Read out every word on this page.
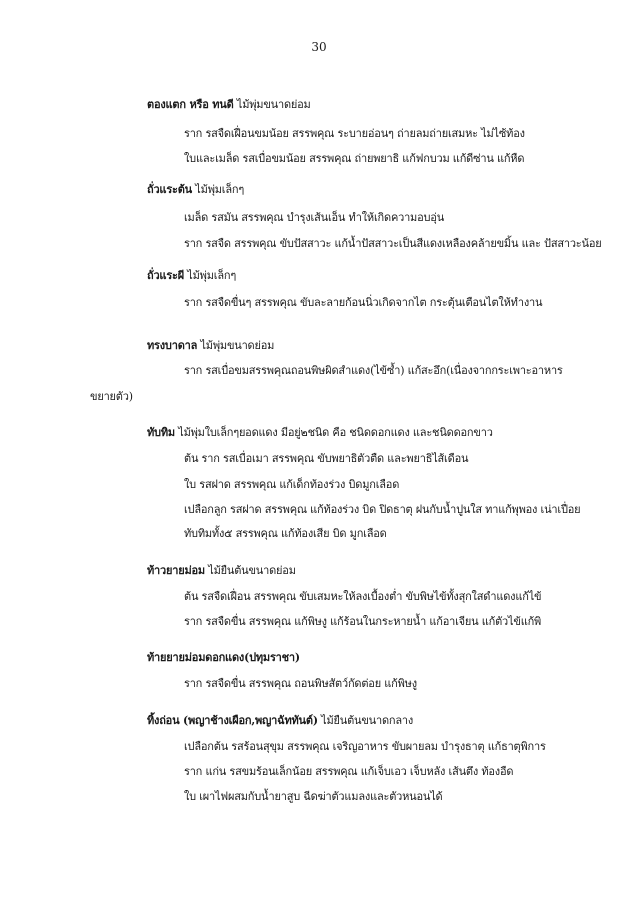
30
ตองแตก หรือ ทนดี ไม้พุ่มขนาดย่อม
ราก รสจืดเฝื่อนขมน้อย สรรพคุณ ระบายอ่อนๆ ถ่ายลมถ่ายเสมหะ ไม่ไซ้ท้อง
ใบและเมล็ด รสเบื่อขมน้อย สรรพคุณ ถ่ายพยาธิ แก้ฟกบวม แก้ดีซ่าน แก้หืด
ถั่วแระต้น ไม้พุ่มเล็กๆ
เมล็ด รสมัน สรรพคุณ บำรุงเส้นเอ็น ทำให้เกิดความอบอุ่น
ราก รสจืด สรรพคุณ ขับปัสสาวะ แก้น้ำปัสสาวะเป็นสีแดงเหลืองคล้ายขมิ้น และ ปัสสาวะน้อย
ถั่วแระผี ไม้พุ่มเล็กๆ
ราก รสจืดขื่นๆ สรรพคุณ ขับละลายก้อนนิ่วเกิดจากไต กระตุ้นเตือนไตให้ทำงาน
ทรงบาดาล ไม้พุ่มขนาดย่อม
ราก รสเบื่อขมสรรพคุณถอนพิษผิดสำแดง(ไข้ซ้ำ) แก้สะอึก(เนื่องจากกระเพาะอาหาร
ขยายตัว)
ทับทิม ไม้พุ่มใบเล็กๆยอดแดง มีอยู่๒ชนิด คือ ชนิดดอกแดง และชนิดดอกขาว
ต้น ราก รสเบื่อเมา สรรพคุณ ขับพยาธิตัวตืด และพยาธิไส้เดือน
ใบ รสฝาด สรรพคุณ แก้เด็กท้องร่วง บิดมูกเลือด
เปลือกลูก รสฝาด สรรพคุณ แก้ท้องร่วง บิด ปิดธาตุ ฝนกับน้ำปูนใส ทาแก้พุพอง เน่าเปื่อย
ทับทิมทั้ง๕ สรรพคุณ แก้ท้องเสีย บิด มูกเลือด
ท้าวยายม่อม ไม้ยืนต้นขนาดย่อม
ต้น รสจืดเฝื่อน สรรพคุณ ขับเสมหะให้ลงเบื้องต่ำ ขับพิษไข้ทั้งสุกใสดำแดงแก้ไข้
ราก รสจืดขื่น สรรพคุณ แก้พิษงู แก้ร้อนในกระหายน้ำ แก้อาเจียน แก้ตัวไข้แก้พิ
ท้ายยายม่อมดอกแดง(ปทุมราชา)
ราก รสจืดขื่น สรรพคุณ ถอนพิษสัตว์กัดต่อย แก้พิษงู
ทิ้งถ่อน (พญาช้างเผือก,พญาฉัททันต์) ไม้ยืนต้นขนาดกลาง
เปลือกต้น รสร้อนสุขุม สรรพคุณ เจริญอาหาร ขับผายลม บำรุงธาตุ แก้ธาตุพิการ
ราก แก่น รสขมร้อนเล็กน้อย สรรพคุณ แก้เจ็บเอว เจ็บหลัง เส้นตึง ท้องอืด
ใบ เผาไฟผสมกับน้ำยาสูบ ฉีดฆ่าตัวแมลงและตัวหนอนได้
